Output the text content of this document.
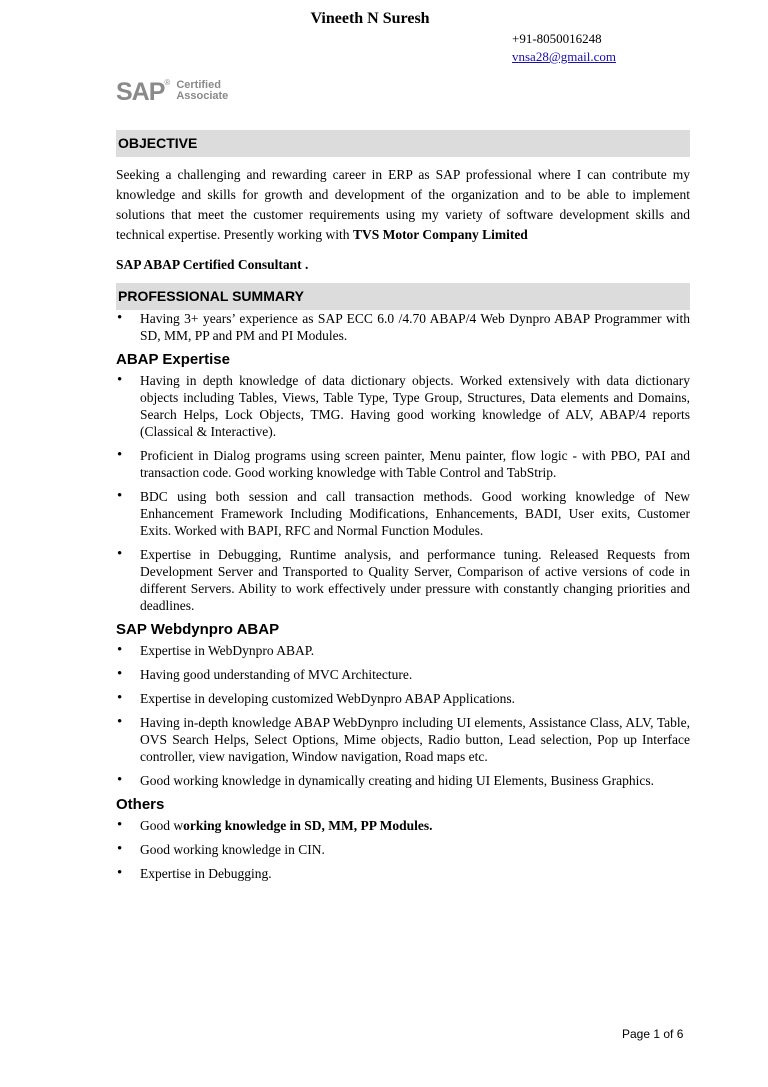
Vineeth N Suresh
+91-8050016248
vnsa28@gmail.com
SAP® Certified
Associate
OBJECTIVE
Seeking a challenging and rewarding career in ERP as SAP professional where I can contribute my knowledge and skills for growth and development of the organization and to be able to implement solutions that meet the customer requirements using my variety of software development skills and technical expertise. Presently working with TVS Motor Company Limited
SAP ABAP Certified Consultant .
PROFESSIONAL SUMMARY
• Having 3+ years’ experience as SAP ECC 6.0 /4.70 ABAP/4 Web Dynpro ABAP Programmer with SD, MM, PP and PM and PI Modules.
ABAP Expertise
• Having in depth knowledge of data dictionary objects. Worked extensively with data dictionary objects including Tables, Views, Table Type, Type Group, Structures, Data elements and Domains, Search Helps, Lock Objects, TMG. Having good working knowledge of ALV, ABAP/4 reports (Classical & Interactive).
• Proficient in Dialog programs using screen painter, Menu painter, flow logic - with PBO, PAI and transaction code. Good working knowledge with Table Control and TabStrip.
• BDC using both session and call transaction methods. Good working knowledge of New Enhancement Framework Including Modifications, Enhancements, BADI, User exits, Customer Exits. Worked with BAPI, RFC and Normal Function Modules.
• Expertise in Debugging, Runtime analysis, and performance tuning. Released Requests from Development Server and Transported to Quality Server, Comparison of active versions of code in different Servers. Ability to work effectively under pressure with constantly changing priorities and deadlines.
SAP Webdynpro ABAP
• Expertise in WebDynpro ABAP.
• Having good understanding of MVC Architecture.
• Expertise in developing customized WebDynpro ABAP Applications.
• Having in-depth knowledge ABAP WebDynpro including UI elements, Assistance Class, ALV, Table, OVS Search Helps, Select Options, Mime objects, Radio button, Lead selection, Pop up Interface controller, view navigation, Window navigation, Road maps etc.
• Good working knowledge in dynamically creating and hiding UI Elements, Business Graphics.
Others
• Good working knowledge in SD, MM, PP Modules.
• Good working knowledge in CIN.
• Expertise in Debugging.
Page 1 of 6
